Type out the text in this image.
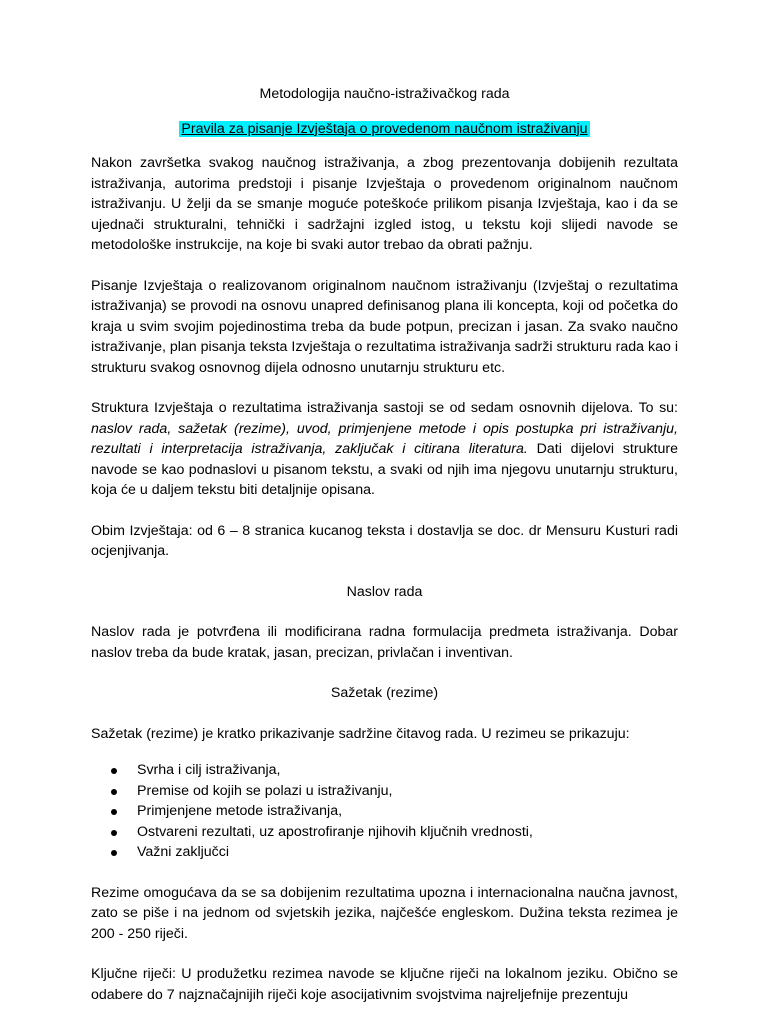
Metodologija naučno-istraživačkog rada
Pravila za pisanje Izvještaja o provedenom naučnom istraživanju

Nakon završetka svakog naučnog istraživanja, a zbog prezentovanja dobijenih rezultata istraživanja, autorima predstoji i pisanje Izvještaja o provedenom originalnom naučnom istraživanju. U želji da se smanje moguće poteškoće prilikom pisanja Izvještaja, kao i da se ujednači strukturalni, tehnički i sadržajni izgled istog, u tekstu koji slijedi navode se metodološke instrukcije, na koje bi svaki autor trebao da obrati pažnju.

Pisanje Izvještaja o realizovanom originalnom naučnom istraživanju (Izvještaj o rezultatima istraživanja) se provodi na osnovu unapred definisanog plana ili koncepta, koji od početka do kraja u svim svojim pojedinostima treba da bude potpun, precizan i jasan. Za svako naučno istraživanje, plan pisanja teksta Izvještaja o rezultatima istraživanja sadrži strukturu rada kao i strukturu svakog osnovnog dijela odnosno unutarnju strukturu etc.

Struktura Izvještaja o rezultatima istraživanja sastoji se od sedam osnovnih dijelova. To su: naslov rada, sažetak (rezime), uvod, primjenjene metode i opis postupka pri istraživanju, rezultati i interpretacija istraživanja, zaključak i citirana literatura. Dati dijelovi strukture navode se kao podnaslovi u pisanom tekstu, a svaki od njih ima njegovu unutarnju strukturu, koja će u daljem tekstu biti detaljnije opisana.

Obim Izvještaja: od 6 – 8 stranica kucanog teksta i dostavlja se doc. dr Mensuru Kusturi radi ocjenjivanja.

Naslov rada

Naslov rada je potvrđena ili modificirana radna formulacija predmeta istraživanja. Dobar naslov treba da bude kratak, jasan, precizan, privlačan i inventivan.

Sažetak (rezime)

Sažetak (rezime) je kratko prikazivanje sadržine čitavog rada. U rezimeu se prikazuju:

Svrha i cilj istraživanja,
Premise od kojih se polazi u istraživanju,
Primjenjene metode istraživanja,
Ostvareni rezultati, uz apostrofiranje njihovih ključnih vrednosti,
Važni zaključci

Rezime omogućava da se sa dobijenim rezultatima upozna i internacionalna naučna javnost, zato se piše i na jednom od svjetskih jezika, najčešće engleskom. Dužina teksta rezimea je 200 - 250 riječi.

Ključne riječi: U produžetku rezimea navode se ključne riječi na lokalnom jeziku. Obično se odabere do 7 najznačajnijih riječi koje asocijativnim svojstvima najreljefnije prezentuju
